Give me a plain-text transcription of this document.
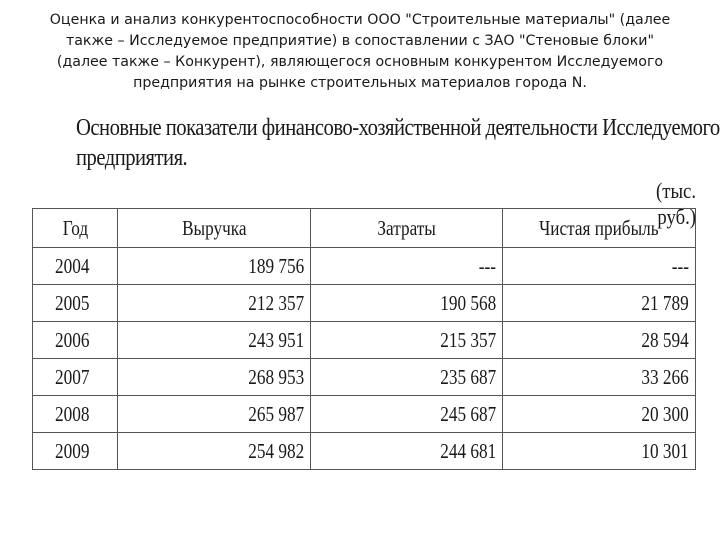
Оценка и анализ конкурентоспособности ООО "Строительные материалы" (далее
также – Исследуемое предприятие) в сопоставлении с ЗАО "Стеновые блоки"
(далее также – Конкурент), являющегося основным конкурентом Исследуемого
предприятия на рынке строительных материалов города N.
Основные показатели финансово-хозяйственной деятельности Исследуемого
предприятия.
(тыс. руб.)
Год	Выручка	Затраты	Чистая прибыль
2004	189 756	---	---
2005	212 357	190 568	21 789
2006	243 951	215 357	28 594
2007	268 953	235 687	33 266
2008	265 987	245 687	20 300
2009	254 982	244 681	10 301
